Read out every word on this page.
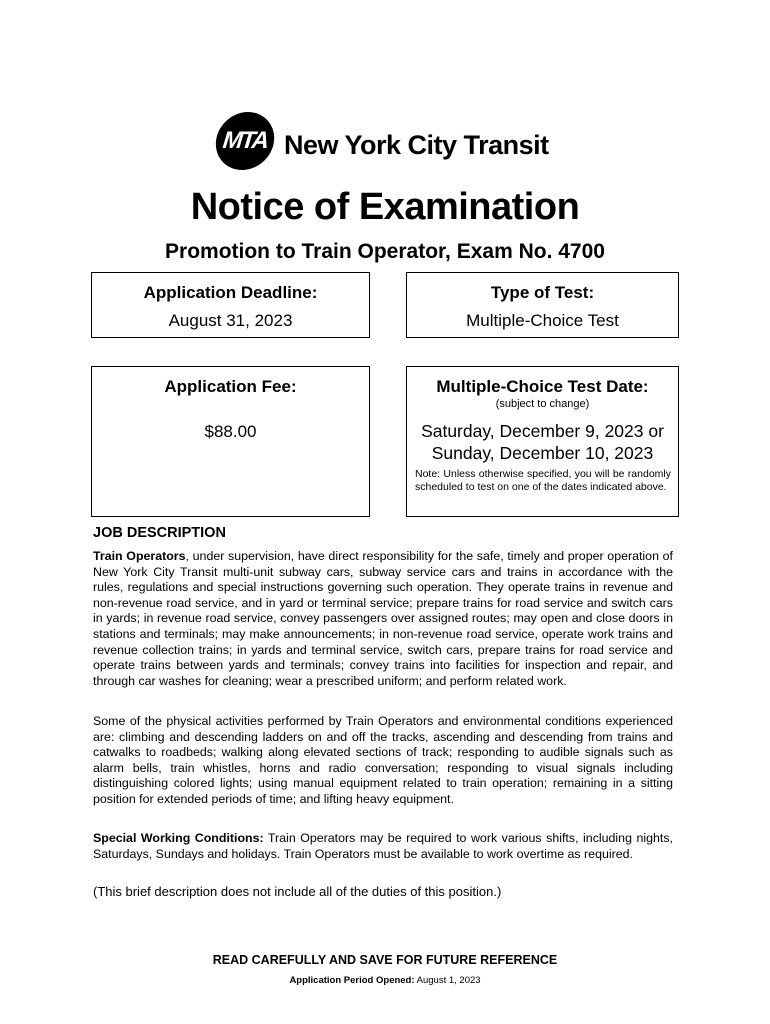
MTA New York City Transit
Notice of Examination
Promotion to Train Operator, Exam No. 4700
Application Deadline:
August 31, 2023
Type of Test:
Multiple-Choice Test
Application Fee:
$88.00
Multiple-Choice Test Date:
(subject to change)
Saturday, December 9, 2023 or
Sunday, December 10, 2023
Note: Unless otherwise specified, you will be randomly scheduled to test on one of the dates indicated above.
JOB DESCRIPTION
Train Operators, under supervision, have direct responsibility for the safe, timely and proper operation of New York City Transit multi-unit subway cars, subway service cars and trains in accordance with the rules, regulations and special instructions governing such operation. They operate trains in revenue and non-revenue road service, and in yard or terminal service; prepare trains for road service and switch cars in yards; in revenue road service, convey passengers over assigned routes; may open and close doors in stations and terminals; may make announcements; in non-revenue road service, operate work trains and revenue collection trains; in yards and terminal service, switch cars, prepare trains for road service and operate trains between yards and terminals; convey trains into facilities for inspection and repair, and through car washes for cleaning; wear a prescribed uniform; and perform related work.
Some of the physical activities performed by Train Operators and environmental conditions experienced are: climbing and descending ladders on and off the tracks, ascending and descending from trains and catwalks to roadbeds; walking along elevated sections of track; responding to audible signals such as alarm bells, train whistles, horns and radio conversation; responding to visual signals including distinguishing colored lights; using manual equipment related to train operation; remaining in a sitting position for extended periods of time; and lifting heavy equipment.
Special Working Conditions: Train Operators may be required to work various shifts, including nights, Saturdays, Sundays and holidays. Train Operators must be available to work overtime as required.
(This brief description does not include all of the duties of this position.)
READ CAREFULLY AND SAVE FOR FUTURE REFERENCE
Application Period Opened: August 1, 2023
